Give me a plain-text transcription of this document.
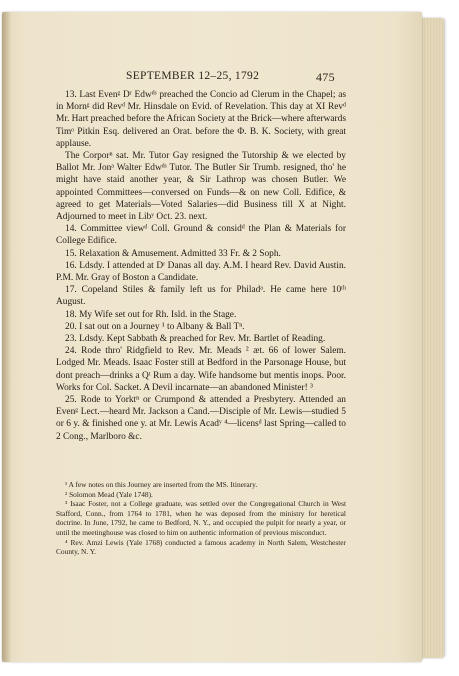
SEPTEMBER 12–25, 1792	475

13. Last Evenᵍ Dʳ Edwᵈˢ preached the Concio ad Clerum in the Chapel; as in Mornᵍ did Revᵈ Mr. Hinsdale on Evid. of Revelation. This day at XI Revᵈ Mr. Hart preached before the African Society at the Brick—where afterwards Timᵒ Pitkin Esq. delivered an Orat. before the Φ. B. K. Society, with great applause.

The Corporⁿ sat. Mr. Tutor Gay resigned the Tutorship & we elected by Ballot Mr. Jonᵃ Walter Edwᵈˢ Tutor. The Butler Sir Trumb. resigned, tho' he might have staid another year, & Sir Lathrop was chosen Butler. We appointed Committees—conversed on Funds—& on new Coll. Edifice, & agreed to get Materials—Voted Salaries—did Business till X at Night. Adjourned to meet in Libʸ Oct. 23. next.

14. Committee viewᵈ Coll. Ground & considᵈ the Plan & Materials for College Edifice.

15. Relaxation & Amusement. Admitted 33 Fr. & 2 Soph.

16. Ldsdy. I attended at Dʳ Danas all day. A.M. I heard Rev. David Austin. P.M. Mr. Gray of Boston a Candidate.

17. Copeland Stiles & family left us for Philadᵃ. He came here 10ᵗʰ August.

18. My Wife set out for Rh. Isld. in the Stage.

20. I sat out on a Journey ¹ to Albany & Ball Tⁿ.

23. Ldsdy. Kept Sabbath & preached for Rev. Mr. Bartlet of Reading.

24. Rode thro' Ridgfield to Rev. Mr. Meads ² æt. 66 of lower Salem. Lodged Mr. Meads. Isaac Foster still at Bedford in the Parsonage House, but dont preach—drinks a Qᵗ Rum a day. Wife handsome but mentis inops. Poor. Works for Col. Sacket. A Devil incarnate—an abandoned Minister! ³

25. Rode to Yorktⁿ or Crumpond & attended a Presbytery. Attended an Evenᵍ Lect.—heard Mr. Jackson a Cand.—Disciple of Mr. Lewis—studied 5 or 6 y. & finished one y. at Mr. Lewis Acadʸ ⁴—licensᵈ last Spring—called to 2 Cong., Marlboro &c.

¹ A few notes on this Journey are inserted from the MS. Itinerary.

² Solomon Mead (Yale 1748).

³ Isaac Foster, not a College graduate, was settled over the Congregational Church in West Stafford, Conn., from 1764 to 1781, when he was deposed from the ministry for heretical doctrine. In June, 1792, he came to Bedford, N. Y., and occupied the pulpit for nearly a year, or until the meetinghouse was closed to him on authentic information of previous misconduct.

⁴ Rev. Amzi Lewis (Yale 1768) conducted a famous academy in North Salem, Westchester County, N. Y.
